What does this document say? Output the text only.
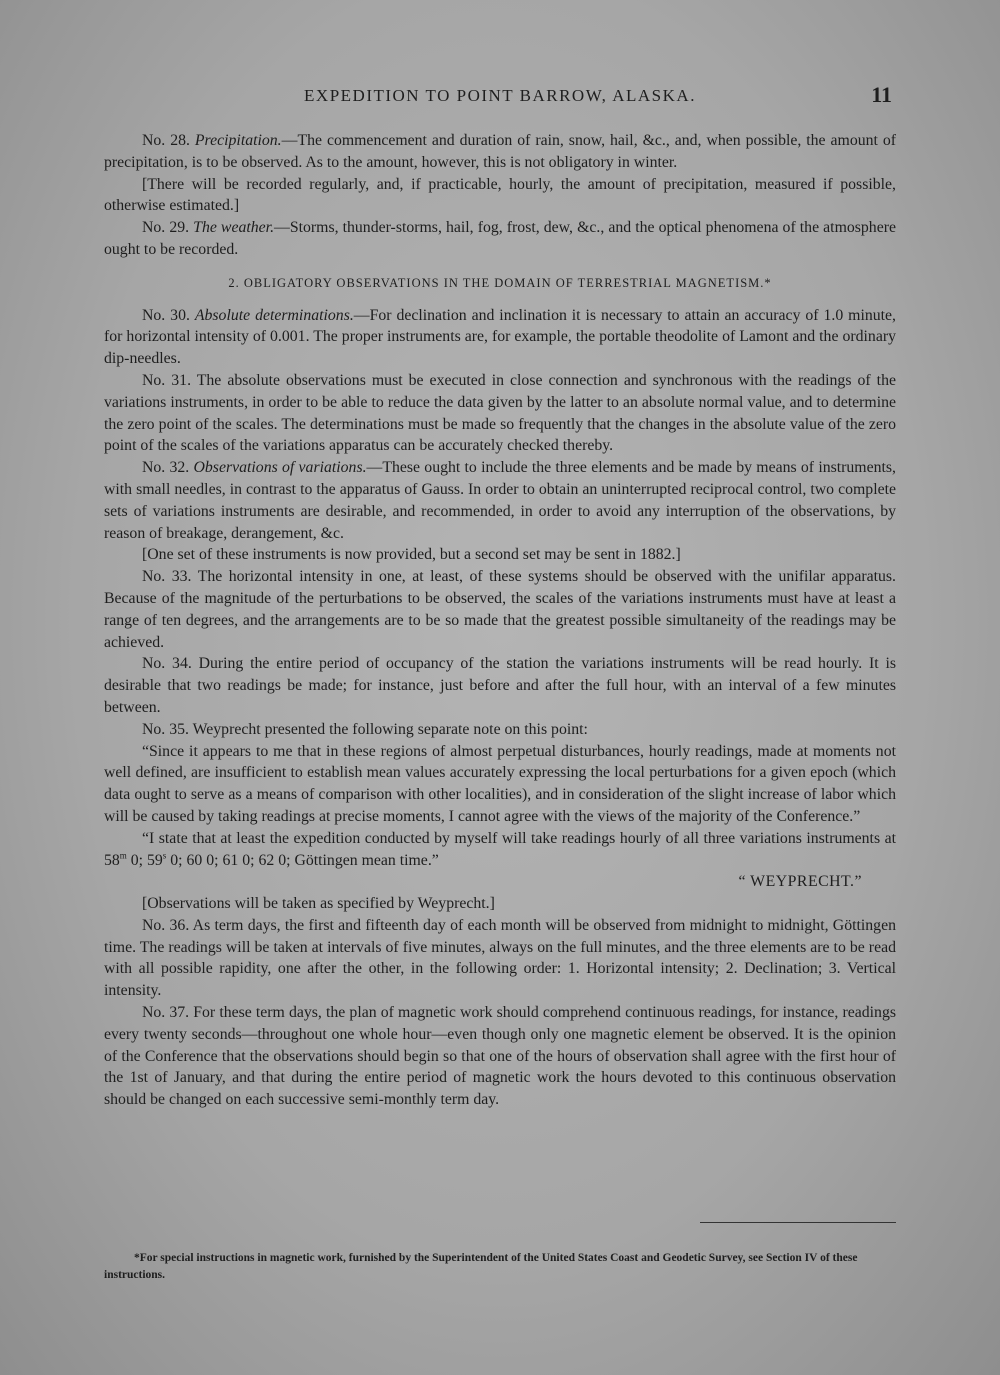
EXPEDITION TO POINT BARROW, ALASKA.	11

No. 28. Precipitation.—The commencement and duration of rain, snow, hail, &c., and, when possible, the amount of precipitation, is to be observed. As to the amount, however, this is not obligatory in winter.

[There will be recorded regularly, and, if practicable, hourly, the amount of precipitation, measured if possible, otherwise estimated.]

No. 29. The weather.—Storms, thunder-storms, hail, fog, frost, dew, &c., and the optical phenomena of the atmosphere ought to be recorded.

2. OBLIGATORY OBSERVATIONS IN THE DOMAIN OF TERRESTRIAL MAGNETISM.*

No. 30. Absolute determinations.—For declination and inclination it is necessary to attain an accuracy of 1.0 minute, for horizontal intensity of 0.001. The proper instruments are, for example, the portable theodolite of Lamont and the ordinary dip-needles.

No. 31. The absolute observations must be executed in close connection and synchronous with the readings of the variations instruments, in order to be able to reduce the data given by the latter to an absolute normal value, and to determine the zero point of the scales. The determinations must be made so frequently that the changes in the absolute value of the zero point of the scales of the variations apparatus can be accurately checked thereby.

No. 32. Observations of variations.—These ought to include the three elements and be made by means of instruments, with small needles, in contrast to the apparatus of Gauss. In order to obtain an uninterrupted reciprocal control, two complete sets of variations instruments are desirable, and recommended, in order to avoid any interruption of the observations, by reason of breakage, derangement, &c.

[One set of these instruments is now provided, but a second set may be sent in 1882.]

No. 33. The horizontal intensity in one, at least, of these systems should be observed with the unifilar apparatus. Because of the magnitude of the perturbations to be observed, the scales of the variations instruments must have at least a range of ten degrees, and the arrangements are to be so made that the greatest possible simultaneity of the readings may be achieved.

No. 34. During the entire period of occupancy of the station the variations instruments will be read hourly. It is desirable that two readings be made; for instance, just before and after the full hour, with an interval of a few minutes between.

No. 35. Weyprecht presented the following separate note on this point:

“Since it appears to me that in these regions of almost perpetual disturbances, hourly readings, made at moments not well defined, are insufficient to establish mean values accurately expressing the local perturbations for a given epoch (which data ought to serve as a means of comparison with other localities), and in consideration of the slight increase of labor which will be caused by taking readings at precise moments, I cannot agree with the views of the majority of the Conference.”

“I state that at least the expedition conducted by myself will take readings hourly of all three variations instruments at 58$^m$ 0; 59$^s$ 0; 60 0; 61 0; 62 0; Göttingen mean time.”

“ WEYPRECHT.”

[Observations will be taken as specified by Weyprecht.]

No. 36. As term days, the first and fifteenth day of each month will be observed from midnight to midnight, Göttingen time. The readings will be taken at intervals of five minutes, always on the full minutes, and the three elements are to be read with all possible rapidity, one after the other, in the following order: 1. Horizontal intensity; 2. Declination; 3. Vertical intensity.

No. 37. For these term days, the plan of magnetic work should comprehend continuous readings, for instance, readings every twenty seconds—throughout one whole hour—even though only one magnetic element be observed. It is the opinion of the Conference that the observations should begin so that one of the hours of observation shall agree with the first hour of the 1st of January, and that during the entire period of magnetic work the hours devoted to this continuous observation should be changed on each successive semi-monthly term day.

*For special instructions in magnetic work, furnished by the Superintendent of the United States Coast and Geodetic Survey, see Section IV of these instructions.
